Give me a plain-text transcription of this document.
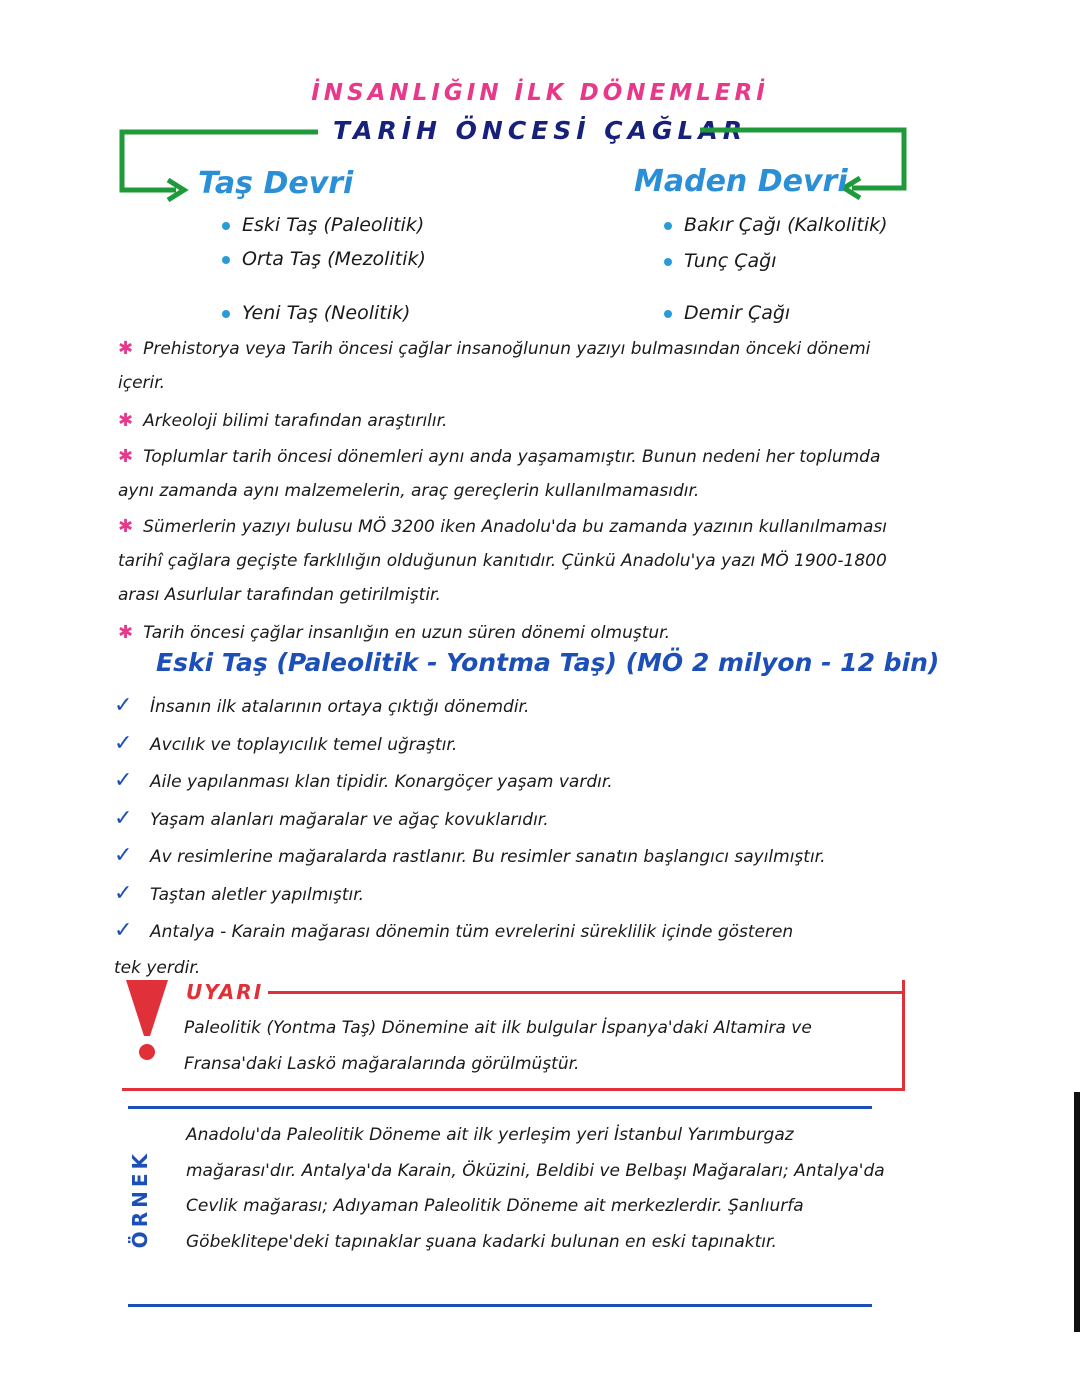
İNSANLIĞIN İLK DÖNEMLERİ
TARİH ÖNCESİ ÇAĞLAR
Taş Devri	Maden Devri
Eski Taş (Paleolitik)
Orta Taş (Mezolitik)
Yeni Taş (Neolitik)
Bakır Çağı (Kalkolitik)
Tunç Çağı
Demir Çağı
✱ Prehistorya veya Tarih öncesi çağlar insanoğlunun yazıyı bulmasından önceki dönemi içerir.
✱ Arkeoloji bilimi tarafından araştırılır.
✱ Toplumlar tarih öncesi dönemleri aynı anda yaşamamıştır. Bunun nedeni her toplumda aynı zamanda aynı malzemelerin, araç gereçlerin kullanılmamasıdır.
✱ Sümerlerin yazıyı bulusu MÖ 3200 iken Anadolu'da bu zamanda yazının kullanılmaması tarihî çağlara geçişte farklılığın olduğunun kanıtıdır. Çünkü Anadolu'ya yazı MÖ 1900-1800 arası Asurlular tarafından getirilmiştir.
✱ Tarih öncesi çağlar insanlığın en uzun süren dönemi olmuştur.
Eski Taş (Paleolitik - Yontma Taş) (MÖ 2 milyon - 12 bin)
✓ İnsanın ilk atalarının ortaya çıktığı dönemdir.
✓ Avcılık ve toplayıcılık temel uğraştır.
✓ Aile yapılanması klan tipidir. Konargöçer yaşam vardır.
✓ Yaşam alanları mağaralar ve ağaç kovuklarıdır.
✓ Av resimlerine mağaralarda rastlanır. Bu resimler sanatın başlangıcı sayılmıştır.
✓ Taştan aletler yapılmıştır.
✓ Antalya - Karain mağarası dönemin tüm evrelerini süreklilik içinde gösteren
tek yerdir.
UYARI
Paleolitik (Yontma Taş) Dönemine ait ilk bulgular İspanya'daki Altamira ve Fransa'daki Laskö mağaralarında görülmüştür.
ÖRNEK
Anadolu'da Paleolitik Döneme ait ilk yerleşim yeri İstanbul Yarımburgaz mağarası'dır. Antalya'da Karain, Öküzini, Beldibi ve Belbaşı Mağaraları; Antalya'da Cevlik mağarası; Adıyaman Paleolitik Döneme ait merkezlerdir. Şanlıurfa Göbeklitepe'deki tapınaklar şuana kadarki bulunan en eski tapınaktır.
